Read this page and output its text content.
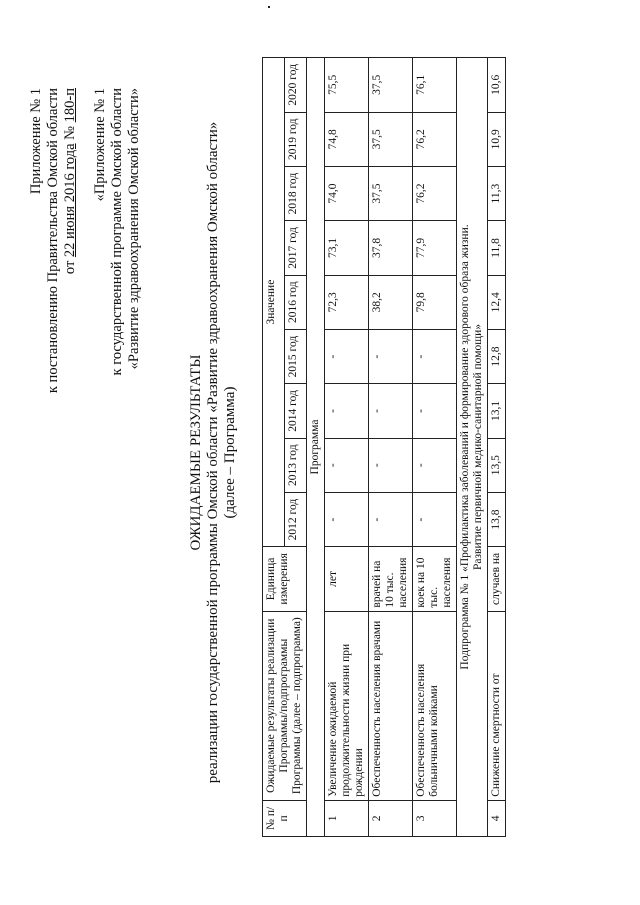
Приложение № 1 к постановлению Правительства Омской области от 22 июня 2016 года № 180-п «Приложение № 1 к государственной программе Омской области «Развитие здравоохранения Омской области»
ОЖИДАЕМЫЕ РЕЗУЛЬТАТЫ реализации государственной программы Омской области «Развитие здравоохранения Омской области» (далее – Программа)
№ п/п	Ожидаемые результаты реализации Программы/подпрограммы Программы (далее – подпрограмма)	Единица измерения	Значение								
			2012 год	2013 год	2014 год	2015 год	2016 год	2017 год	2018 год	2019 год	2020 год
Программа											
1	Увеличение ожидаемой продолжительности жизни при рождении	лет	-	-	-	-	72,3	73,1	74,0	74,8	75,5
2	Обеспеченность населения врачами	врачей на 10 тыс. населения	-	-	-	-	38,2	37,8	37,5	37,5	37,5
3	Обеспеченность населения больничными койками	коек на 10 тыс. населения	-	-	-	-	79,8	77,9	76,2	76,2	76,1

Подпрограмма № 1 «Профилактика заболеваний и формирование здорового образа жизни. Развитие первичной медико-санитарной помощи»											

4	Снижение смертности от	случаев на	13,8	13,5	13,1	12,8	12,4	11,8	11,3	10,9	10,6
